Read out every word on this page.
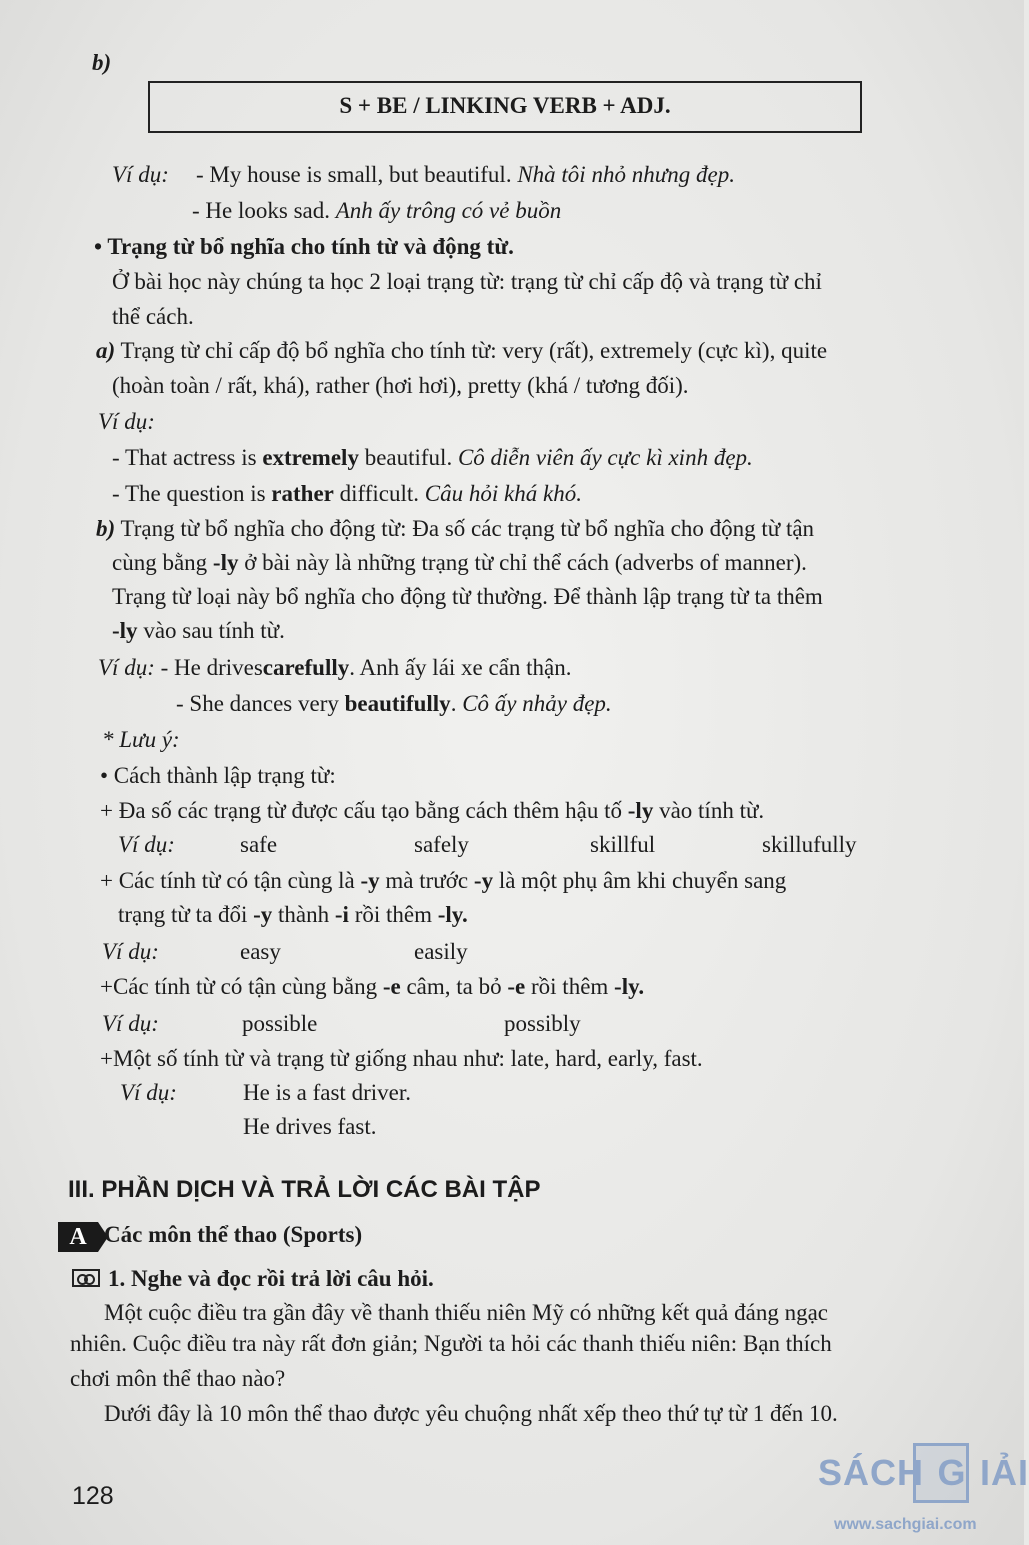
b)
S + BE / LINKING VERB + ADJ.
Ví dụ: - My house is small, but beautiful. Nhà tôi nhỏ nhưng đẹp.
- He looks sad. Anh ấy trông có vẻ buồn
• Trạng từ bổ nghĩa cho tính từ và động từ.
Ở bài học này chúng ta học 2 loại trạng từ: trạng từ chỉ cấp độ và trạng từ chỉ
thể cách.
a) Trạng từ chỉ cấp độ bổ nghĩa cho tính từ: very (rất), extremely (cực kì), quite
(hoàn toàn / rất, khá), rather (hơi hơi), pretty (khá / tương đối).
Ví dụ:
- That actress is extremely beautiful. Cô diễn viên ấy cực kì xinh đẹp.
- The question is rather difficult. Câu hỏi khá khó.
b) Trạng từ bổ nghĩa cho động từ: Đa số các trạng từ bổ nghĩa cho động từ tận
cùng bằng -ly ở bài này là những trạng từ chỉ thể cách (adverbs of manner).
Trạng từ loại này bổ nghĩa cho động từ thường. Để thành lập trạng từ ta thêm
-ly vào sau tính từ.
Ví dụ: - He drivescarefully. Anh ấy lái xe cẩn thận.
- She dances very beautifully. Cô ấy nhảy đẹp.
* Lưu ý:
• Cách thành lập trạng từ:
+ Đa số các trạng từ được cấu tạo bằng cách thêm hậu tố -ly vào tính từ.
Ví dụ:	safe	safely	skillful	skillufully
+ Các tính từ có tận cùng là -y mà trước -y là một phụ âm khi chuyển sang
trạng từ ta đổi -y thành -i rồi thêm -ly.
Ví dụ:	easy	easily
+Các tính từ có tận cùng bằng -e câm, ta bỏ -e rồi thêm -ly.
Ví dụ:	possible	possibly
+Một số tính từ và trạng từ giống nhau như: late, hard, early, fast.
Ví dụ:	He is a fast driver.
He drives fast.
III. PHẦN DỊCH VÀ TRẢ LỜI CÁC BÀI TẬP
A Các môn thể thao (Sports)
1. Nghe và đọc rồi trả lời câu hỏi.
Một cuộc điều tra gần đây về thanh thiếu niên Mỹ có những kết quả đáng ngạc
nhiên. Cuộc điều tra này rất đơn giản; Người ta hỏi các thanh thiếu niên: Bạn thích
chơi môn thể thao nào?
Dưới đây là 10 môn thể thao được yêu chuộng nhất xếp theo thứ tự từ 1 đến 10.
128
SÁCH G IẢI
www.sachgiai.com
